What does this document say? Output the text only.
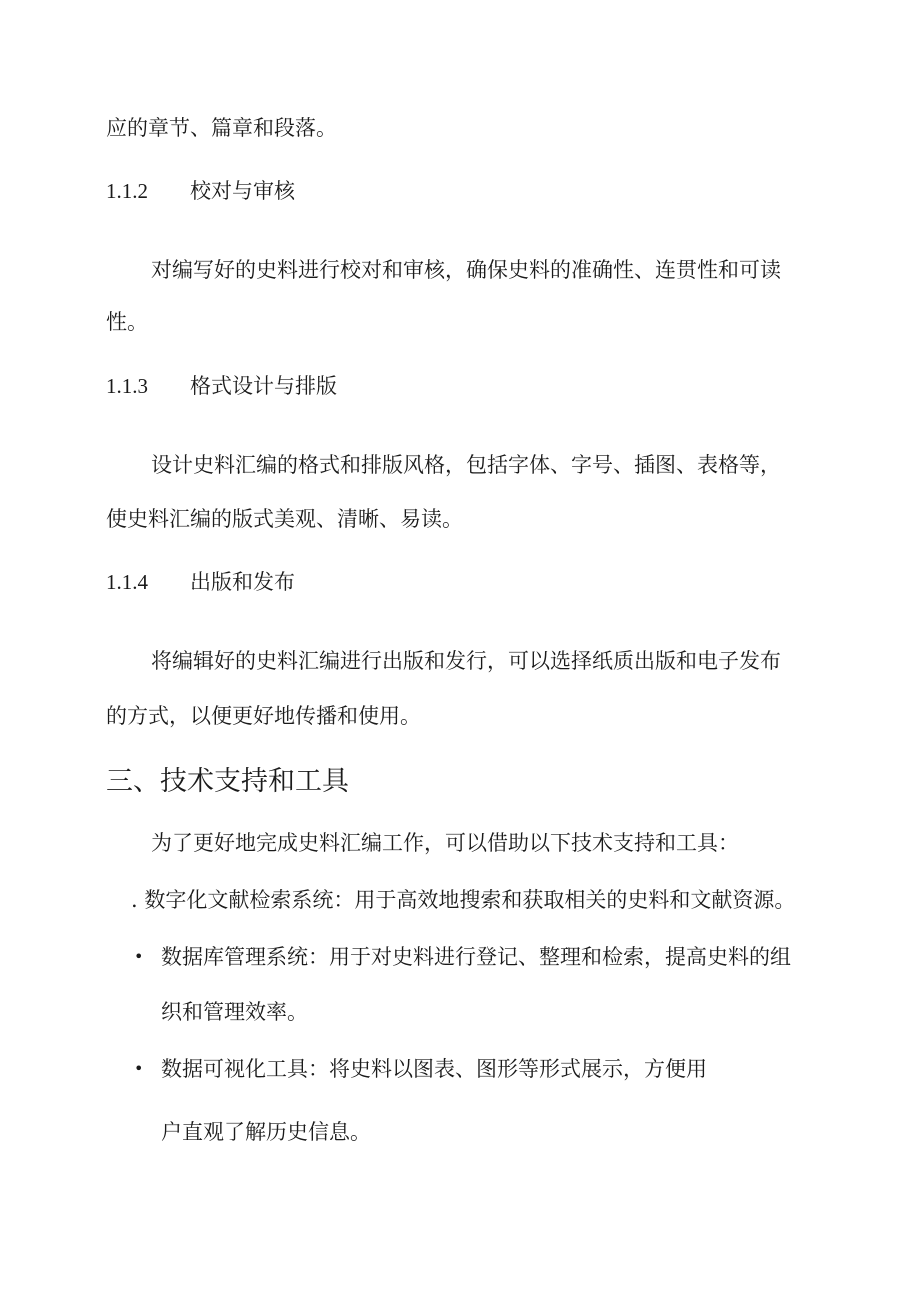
应的章节、篇章和段落。
1.1.2 校对与审核
对编写好的史料进行校对和审核，确保史料的准确性、连贯性和可读
性。
1.1.3 格式设计与排版
设计史料汇编的格式和排版风格，包括字体、字号、插图、表格等，
使史料汇编的版式美观、清晰、易读。
1.1.4 出版和发布
将编辑好的史料汇编进行出版和发行，可以选择纸质出版和电子发布
的方式，以便更好地传播和使用。
三、技术支持和工具
为了更好地完成史料汇编工作，可以借助以下技术支持和工具：
. 数字化文献检索系统：用于高效地搜索和获取相关的史料和文献资源。
• 数据库管理系统：用于对史料进行登记、整理和检索，提高史料的组
织和管理效率。
• 数据可视化工具：将史料以图表、图形等形式展示，方便用
户直观了解历史信息。
